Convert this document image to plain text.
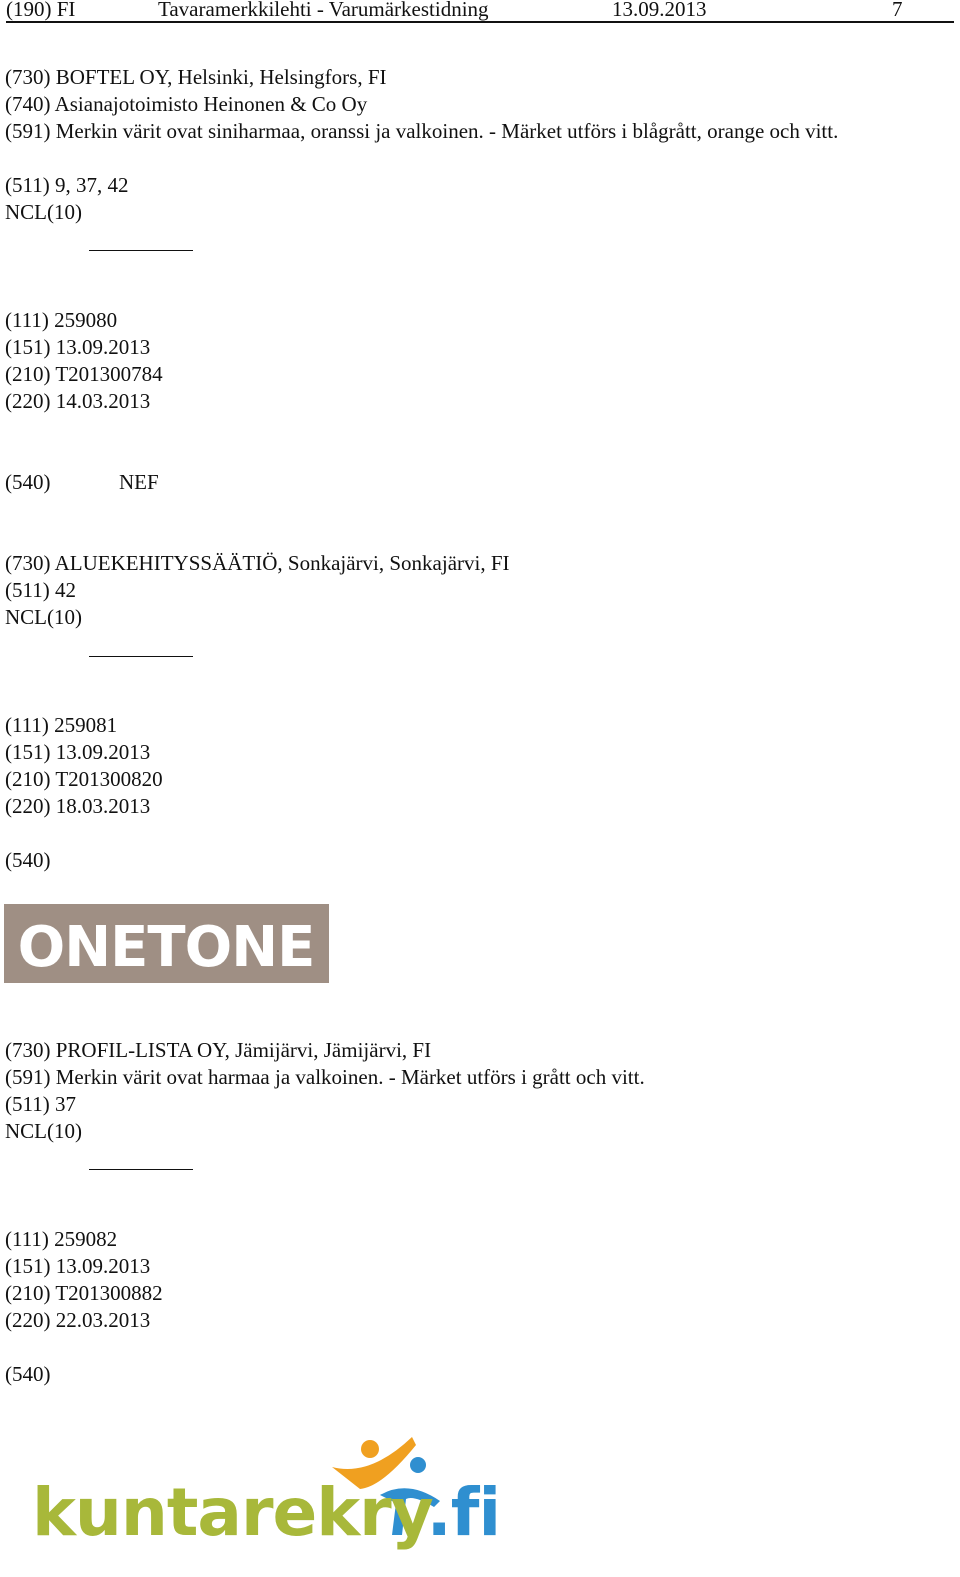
(190) FI	Tavaramerkkilehti - Varumärkestidning	13.09.2013	7
(730) BOFTEL OY, Helsinki, Helsingfors, FI
(740) Asianajotoimisto Heinonen & Co Oy
(591) Merkin värit ovat siniharmaa, oranssi ja valkoinen. - Märket utförs i blågrått, orange och vitt.
(511) 9, 37, 42
NCL(10)
(111) 259080
(151) 13.09.2013
(210) T201300784
(220) 14.03.2013
(540)	NEF
(730) ALUEKEHITYSSÄÄTIÖ, Sonkajärvi, Sonkajärvi, FI
(511) 42
NCL(10)
(111) 259081
(151) 13.09.2013
(210) T201300820
(220) 18.03.2013
(540)
ONETONE
(730) PROFIL-LISTA OY, Jämijärvi, Jämijärvi, FI
(591) Merkin värit ovat harmaa ja valkoinen. - Märket utförs i grått och vitt.
(511) 37
NCL(10)
(111) 259082
(151) 13.09.2013
(210) T201300882
(220) 22.03.2013
(540)
kuntarekry.fi
